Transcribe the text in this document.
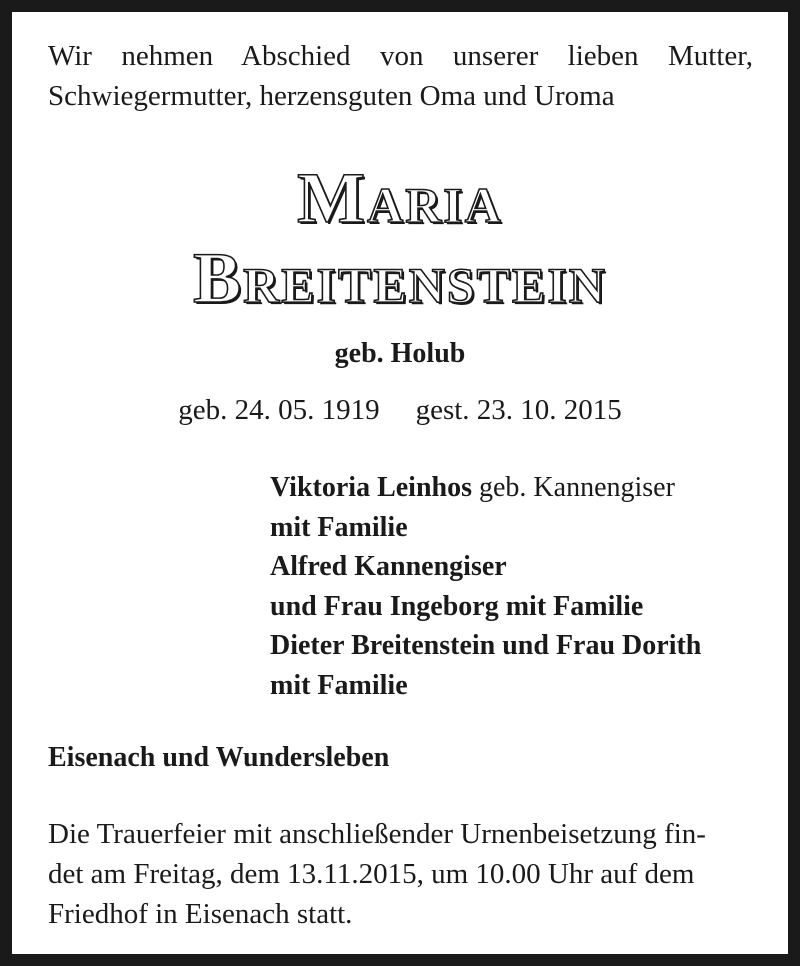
Wir nehmen Abschied von unserer lieben Mutter,
Schwiegermutter, herzensguten Oma und Uroma
Maria
Breitenstein
geb. Holub
geb. 24. 05. 1919 gest. 23. 10. 2015
Viktoria Leinhos geb. Kannengiser
mit Familie
Alfred Kannengiser
und Frau Ingeborg mit Familie
Dieter Breitenstein und Frau Dorith
mit Familie
Eisenach und Wundersleben
Die Trauerfeier mit anschließender Urnenbeisetzung fin-
det am Freitag, dem 13.11.2015, um 10.00 Uhr auf dem
Friedhof in Eisenach statt.
